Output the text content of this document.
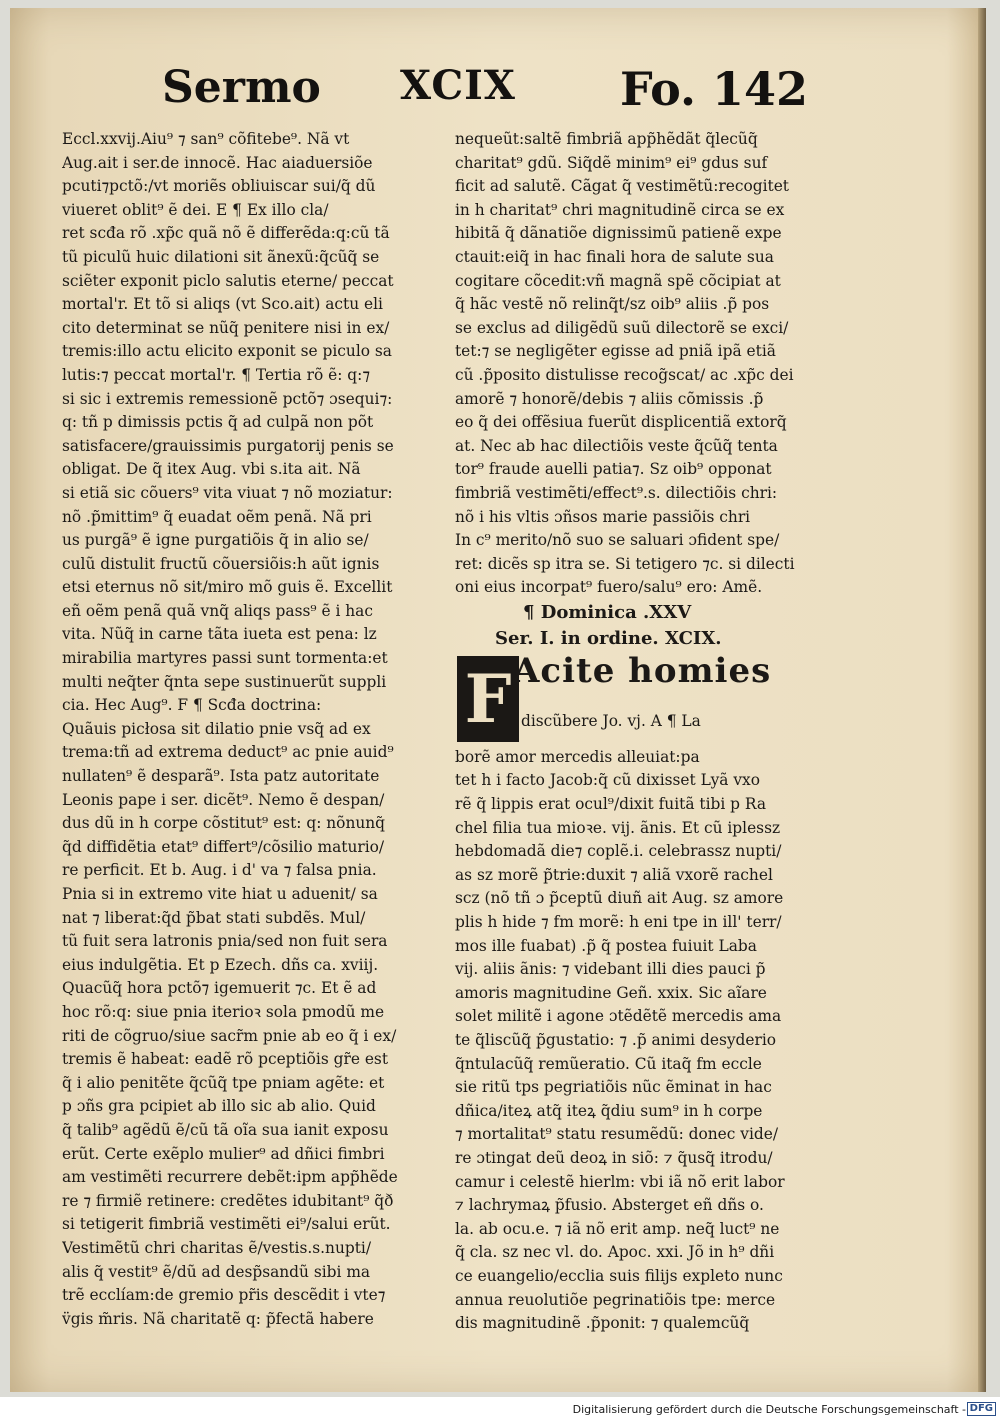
Sermo XCIX Fo. 142
Eccl.xxvij.Aiu⁹ ⁊ san⁹ cõfitebe⁹. Nã vt
Aug.ait i ser.de innocẽ. Hac aiaduersiõe
pcuti⁊pctõ:/vt moriẽs obliuiscar sui/q̃ dũ
viueret oblit⁹ ẽ dei. E ¶ Ex illo cla/
ret scđa rõ .xp̃c quã nõ ẽ differẽda:q:cũ tã
tũ piculũ huic dilationi sit ãnexũ:q̃cũq̃ se
sciẽter exponit piclo salutis eterne/ peccat
mortal'r. Et tõ si aliqs (vt Sco.ait) actu eli
cito determinat se nũq̃ penitere nisi in ex/
tremis:illo actu elicito exponit se piculo sa
lutis:⁊ peccat mortal'r. ¶ Tertia rõ ẽ: q:⁊
si sic i extremis remessionẽ pctõ⁊ ɔsequi⁊:
q: tñ p dimissis pctis q̃ ad culpã non põt
satisfacere/grauissimis purgatorij penis se
obligat. De q̃ itex Aug. vbi s.ita ait. Nã
si etiã sic cõuers⁹ vita viuat ⁊ nõ moziatur:
nõ .p̃mittim⁹ q̃ euadat oẽm penã. Nã pri
us purgã⁹ ẽ igne purgatiõis q̃ in alio se/
culũ distulit fructũ cõuersiõis:h aũt ignis
etsi eternus nõ sit/miro mõ guis ẽ. Excellit
eñ oẽm penã quã vnq̃ aliqs pass⁹ ẽ i hac
vita. Nũq̃ in carne tãta iueta est pena: lz
mirabilia martyres passi sunt tormenta:et
multi neq̃ter q̃nta sepe sustinuerũt suppli
cia. Hec Aug⁹. F ¶ Scđa doctrina:
Quãuis picłosa sit dilatio pnie vsq̃ ad ex
trema:tñ ad extrema deduct⁹ ac pnie auid⁹
nullaten⁹ ẽ desparã⁹. Ista patz autoritate
Leonis pape i ser. dicẽt⁹. Nemo ẽ despan/
dus dũ in h corpe cõstitut⁹ est: q: nõnunq̃
q̃d diffidẽtia etat⁹ differt⁹/cõsilio maturio/
re perficit. Et b. Aug. i d' va ⁊ falsa pnia.
Pnia si in extremo vite hiat u aduenit/ sa
nat ⁊ liberat:q̃d p̃bat stati subdẽs. Mul/
tũ fuit sera latronis pnia/sed non fuit sera
eius indulgẽtia. Et p Ezech. dñs ca. xviij.
Quacũq̃ hora pctõ⁊ igemuerit ⁊c. Et ẽ ad
hoc rõ:q: siue pnia iterioꝛ sola pmodũ me
riti de cõgruo/siue sacr̃m pnie ab eo q̃ i ex/
tremis ẽ habeat: eadẽ rõ pceptiõis gr̃e est
q̃ i alio penitẽte q̃cũq̃ tpe pniam agẽte: et
p ɔñs gra pcipiet ab illo sic ab alio. Quid
q̃ talib⁹ agẽdũ ẽ/cũ tã oĩa sua ianit exposu
erũt. Certe exẽplo mulier⁹ ad dñici fimbri
am vestimẽti recurrere debẽt:ipm app̃hẽde
re ⁊ firmiẽ retinere: credẽtes idubitant⁹ q̃ð
si tetigerit fimbriã vestimẽti ei⁹/salui erũt.
Vestimẽtũ chri charitas ẽ/vestis.s.nupti/
alis q̃ vestit⁹ ẽ/dũ ad desp̃sandũ sibi ma
trẽ ecclíam:de gremio pr̃is descẽdit i vte⁊
v̈gis m̃ris. Nã charitatẽ q: p̃fectã habere
nequeũt:saltẽ fimbriã app̃hẽdãt q̃lecũq̃
charitat⁹ gdũ. Siq̃dẽ minim⁹ ei⁹ gdus suf
ficit ad salutẽ. Cãgat q̃ vestimẽtũ:recogitet
in h charitat⁹ chri magnitudinẽ circa se ex
hibitã q̃ dãnatiõe dignissimũ patienẽ expe
ctauit:eiq̃ in hac finali hora de salute sua
cogitare cõcedit:vñ magnã spẽ cõcipiat at
q̃ hãc vestẽ nõ relinq̃t/sz oib⁹ aliis .p̃ pos
se exclus ad diligẽdũ suũ dilectorẽ se exci/
tet:⁊ se negligẽter egisse ad pniã ipã etiã
cũ .p̃posito distulisse recog̃scat/ ac .xp̃c dei
amorẽ ⁊ honorẽ/debis ⁊ aliis cõmissis .p̃
eo q̃ dei offẽsiua fuerũt displicentiã extorq̃
at. Nec ab hac dilectiõis veste q̃cũq̃ tenta
tor⁹ fraude auelli patia⁊. Sz oib⁹ opponat
fimbriã vestimẽti/effect⁹.s. dilectiõis chri:
nõ i his vltis ɔñsos marie passiõis chri
In c⁹ merito/nõ suo se saluari ɔfident spe/
ret: dicẽs sp itra se. Si tetigero ⁊c. si dilecti
oni eius incorpat⁹ fuero/salu⁹ ero: Amẽ.
¶ Dominica .XXV
Ser. I. in ordine. XCIX.
F Acite homies
discũbere Jo. vj. A ¶ La
borẽ amor mercedis alleuiat:pa
tet h i facto Jacob:q̃ cũ dixisset Lyã vxo
rẽ q̃ lippis erat ocul⁹/dixit fuitã tibi p Ra
chel filia tua mioꝛe. vij. ãnis. Et cũ iplessz
hebdomadã die⁊ coplẽ.i. celebrassz nupti/
as sz morẽ p̃trie:duxit ⁊ aliã vxorẽ rachel
scz (nõ tñ ɔ p̃ceptũ diuñ ait Aug. sz amore
plis h hide ⁊ fm morẽ: h eni tpe in ill' terr/
mos ille fuabat) .p̃ q̃ postea fuiuit Laba
vij. aliis ãnis: ⁊ videbant illi dies pauci p̃
amoris magnitudine Geñ. xxix. Sic aĩare
solet militẽ i agone ɔtẽdẽtẽ mercedis ama
te q̃liscũq̃ p̃gustatio: ⁊ .p̃ animi desyderio
q̃ntulacũq̃ remũeratio. Cũ itaq̃ fm eccle
sie ritũ tps pegriatiõis nũc ẽminat in hac
dñica/iteꝝ atq̃ iteꝝ q̃diu sum⁹ in h corpe
⁊ mortalitat⁹ statu resumẽdũ: donec vide/
re ɔtingat deũ deoꝝ in siõ: ⁊ q̃usq̃ itrodu/
camur i celestẽ hierlm: vbi iã nõ erit labor
⁊ lachrymaꝝ p̃fusio. Absterget eñ dñs o.
la. ab ocu.e. ⁊ iã nõ erit amp. neq̃ luct⁹ ne
q̃ cla. sz nec vl. do. Apoc. xxi. Jõ in h⁹ dñi
ce euangelio/ecclia suis filijs expleto nunc
annua reuolutiõe pegrinatiõis tpe: merce
dis magnitudinẽ .p̃ponit: ⁊ qualemcũq̃
Digitalisierung gefördert durch die Deutsche Forschungsgemeinschaft - DFG
